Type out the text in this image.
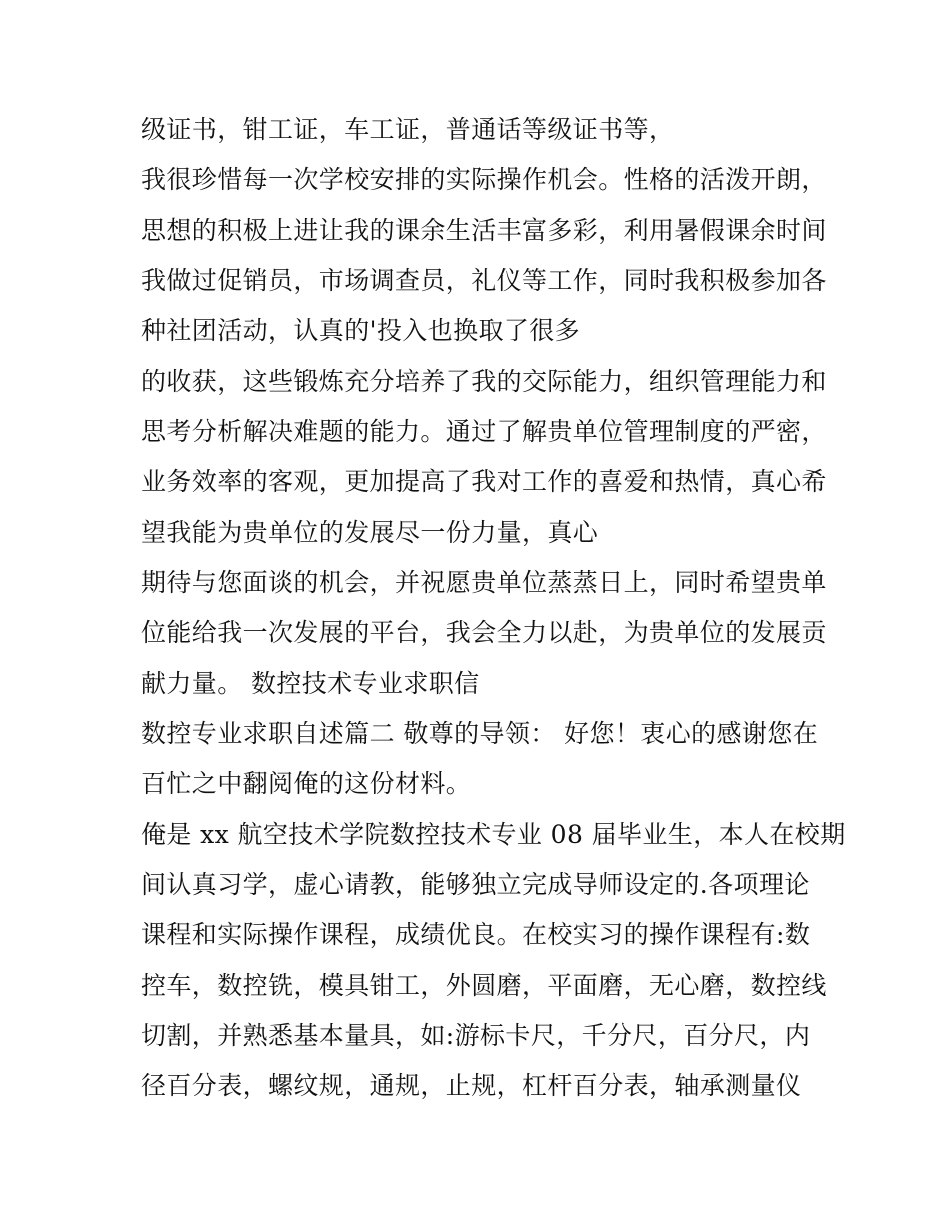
级证书，钳工证，车工证，普通话等级证书等，
我很珍惜每一次学校安排的实际操作机会。性格的活泼开朗，
思想的积极上进让我的课余生活丰富多彩，利用暑假课余时间
我做过促销员，市场调查员，礼仪等工作，同时我积极参加各
种社团活动，认真的'投入也换取了很多
的收获，这些锻炼充分培养了我的交际能力，组织管理能力和
思考分析解决难题的能力。通过了解贵单位管理制度的严密，
业务效率的客观，更加提高了我对工作的喜爱和热情，真心希
望我能为贵单位的发展尽一份力量，真心
期待与您面谈的机会，并祝愿贵单位蒸蒸日上，同时希望贵单
位能给我一次发展的平台，我会全力以赴，为贵单位的发展贡
献力量。 数控技术专业求职信
数控专业求职自述篇二 敬尊的导领： 好您！衷心的感谢您在
百忙之中翻阅俺的这份材料。
俺是 xx 航空技术学院数控技术专业 08 届毕业生，本人在校期
间认真习学，虚心请教，能够独立完成导师设定的.各项理论
课程和实际操作课程，成绩优良。在校实习的操作课程有:数
控车，数控铣，模具钳工，外圆磨，平面磨，无心磨，数控线
切割，并熟悉基本量具，如:游标卡尺，千分尺，百分尺，内
径百分表，螺纹规，通规，止规，杠杆百分表，轴承测量仪
